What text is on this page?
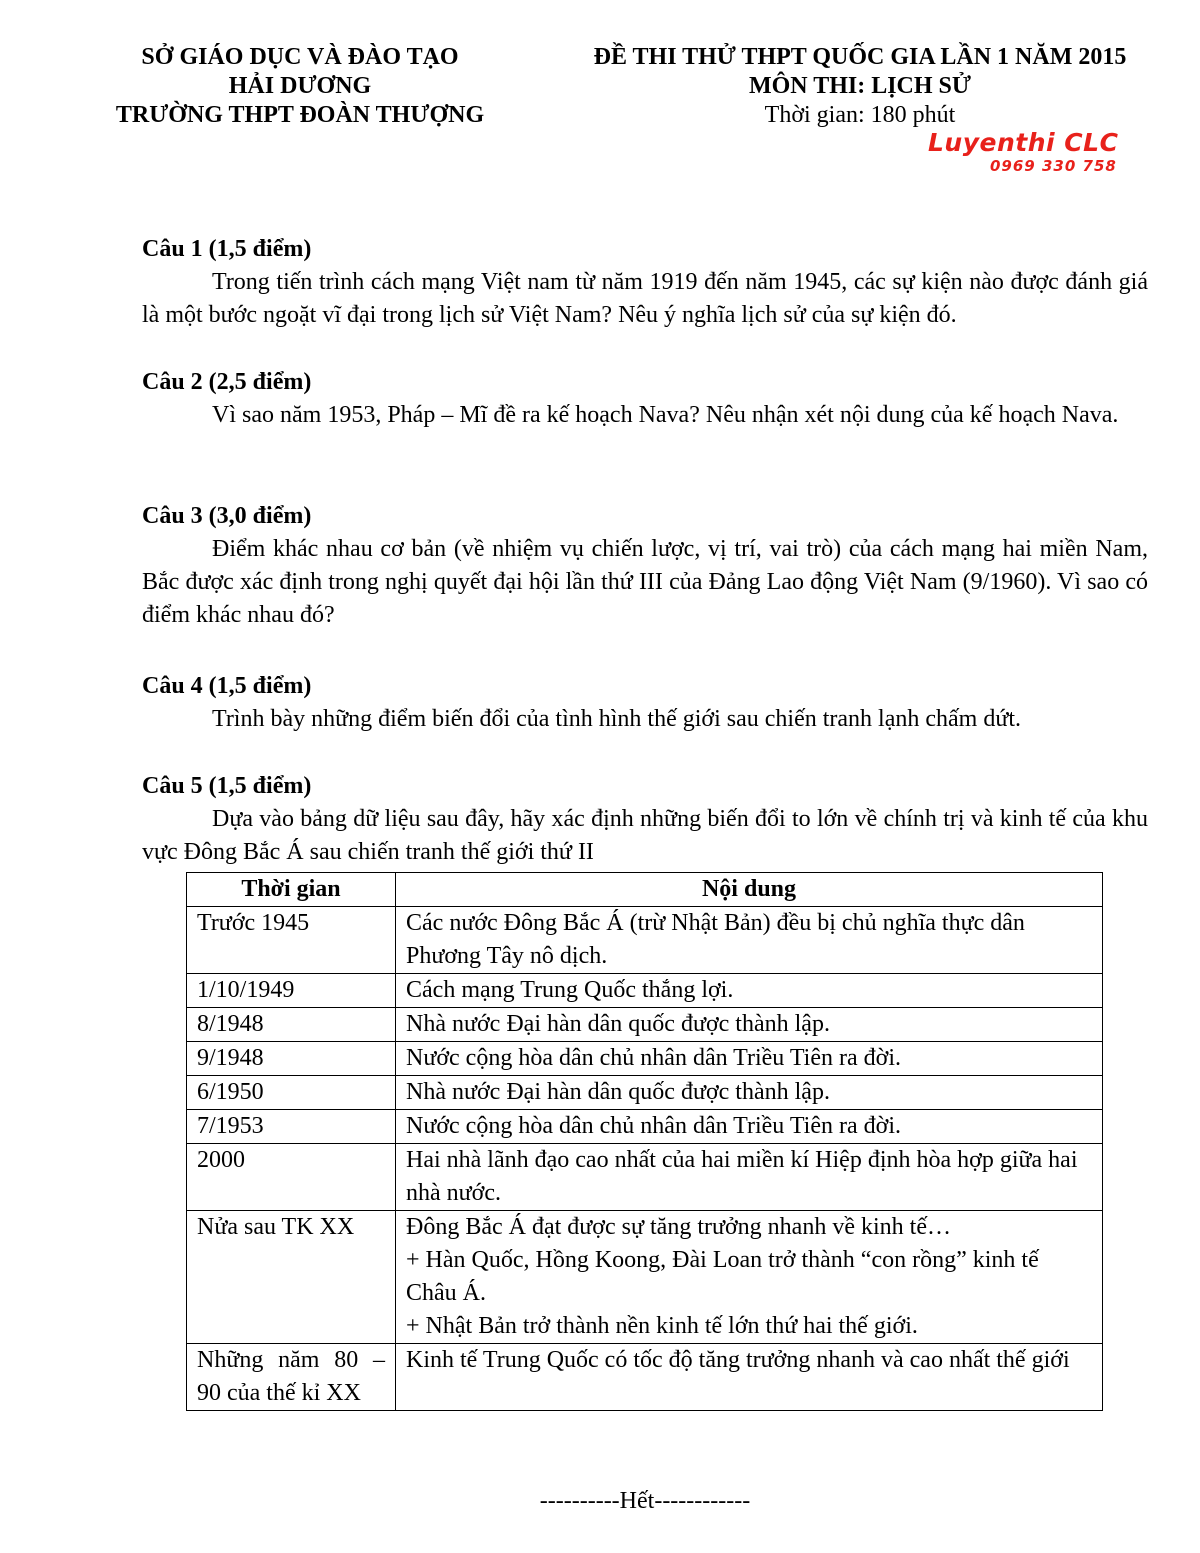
SỞ GIÁO DỤC VÀ ĐÀO TẠO
HẢI DƯƠNG
TRƯỜNG THPT ĐOÀN THƯỢNG
ĐỀ THI THỬ THPT QUỐC GIA LẦN 1 NĂM 2015
MÔN THI: LỊCH SỬ
Thời gian: 180 phút
Luyenthi CLC
0969 330 758
Câu 1 (1,5 điểm)
Trong tiến trình cách mạng Việt nam từ năm 1919 đến năm 1945, các sự kiện nào được đánh giá là một bước ngoặt vĩ đại trong lịch sử Việt Nam? Nêu ý nghĩa lịch sử của sự kiện đó.
Câu 2 (2,5 điểm)
Vì sao năm 1953, Pháp – Mĩ đề ra kế hoạch Nava? Nêu nhận xét nội dung của kế hoạch Nava.
Câu 3 (3,0 điểm)
Điểm khác nhau cơ bản (về nhiệm vụ chiến lược, vị trí, vai trò) của cách mạng hai miền Nam, Bắc được xác định trong nghị quyết đại hội lần thứ III của Đảng Lao động Việt Nam (9/1960). Vì sao có điểm khác nhau đó?
Câu 4 (1,5 điểm)
Trình bày những điểm biến đổi của tình hình thế giới sau chiến tranh lạnh chấm dứt.
Câu 5 (1,5 điểm)
Dựa vào bảng dữ liệu sau đây, hãy xác định những biến đổi to lớn về chính trị và kinh tế của khu vực Đông Bắc Á sau chiến tranh thế giới thứ II
Thời gian	Nội dung
Trước 1945	Các nước Đông Bắc Á (trừ Nhật Bản) đều bị chủ nghĩa thực dân Phương Tây nô dịch.

1/10/1949	Cách mạng Trung Quốc thắng lợi.

8/1948	Nhà nước Đại hàn dân quốc được thành lập.

9/1948	Nước cộng hòa dân chủ nhân dân Triều Tiên ra đời.

6/1950	Nhà nước Đại hàn dân quốc được thành lập.

7/1953	Nước cộng hòa dân chủ nhân dân Triều Tiên ra đời.

2000	Hai nhà lãnh đạo cao nhất của hai miền kí Hiệp định hòa hợp giữa hai nhà nước.

Nửa sau TK XX	Đông Bắc Á đạt được sự tăng trưởng nhanh về kinh tế…
+ Hàn Quốc, Hồng Koong, Đài Loan trở thành “con rồng” kinh tế Châu Á.
+ Nhật Bản trở thành nền kinh tế lớn thứ hai thế giới.

Những năm 80 – 90 của thế kỉ XX	Kinh tế Trung Quốc có tốc độ tăng trưởng nhanh và cao nhất thế giới
----------Hết------------
